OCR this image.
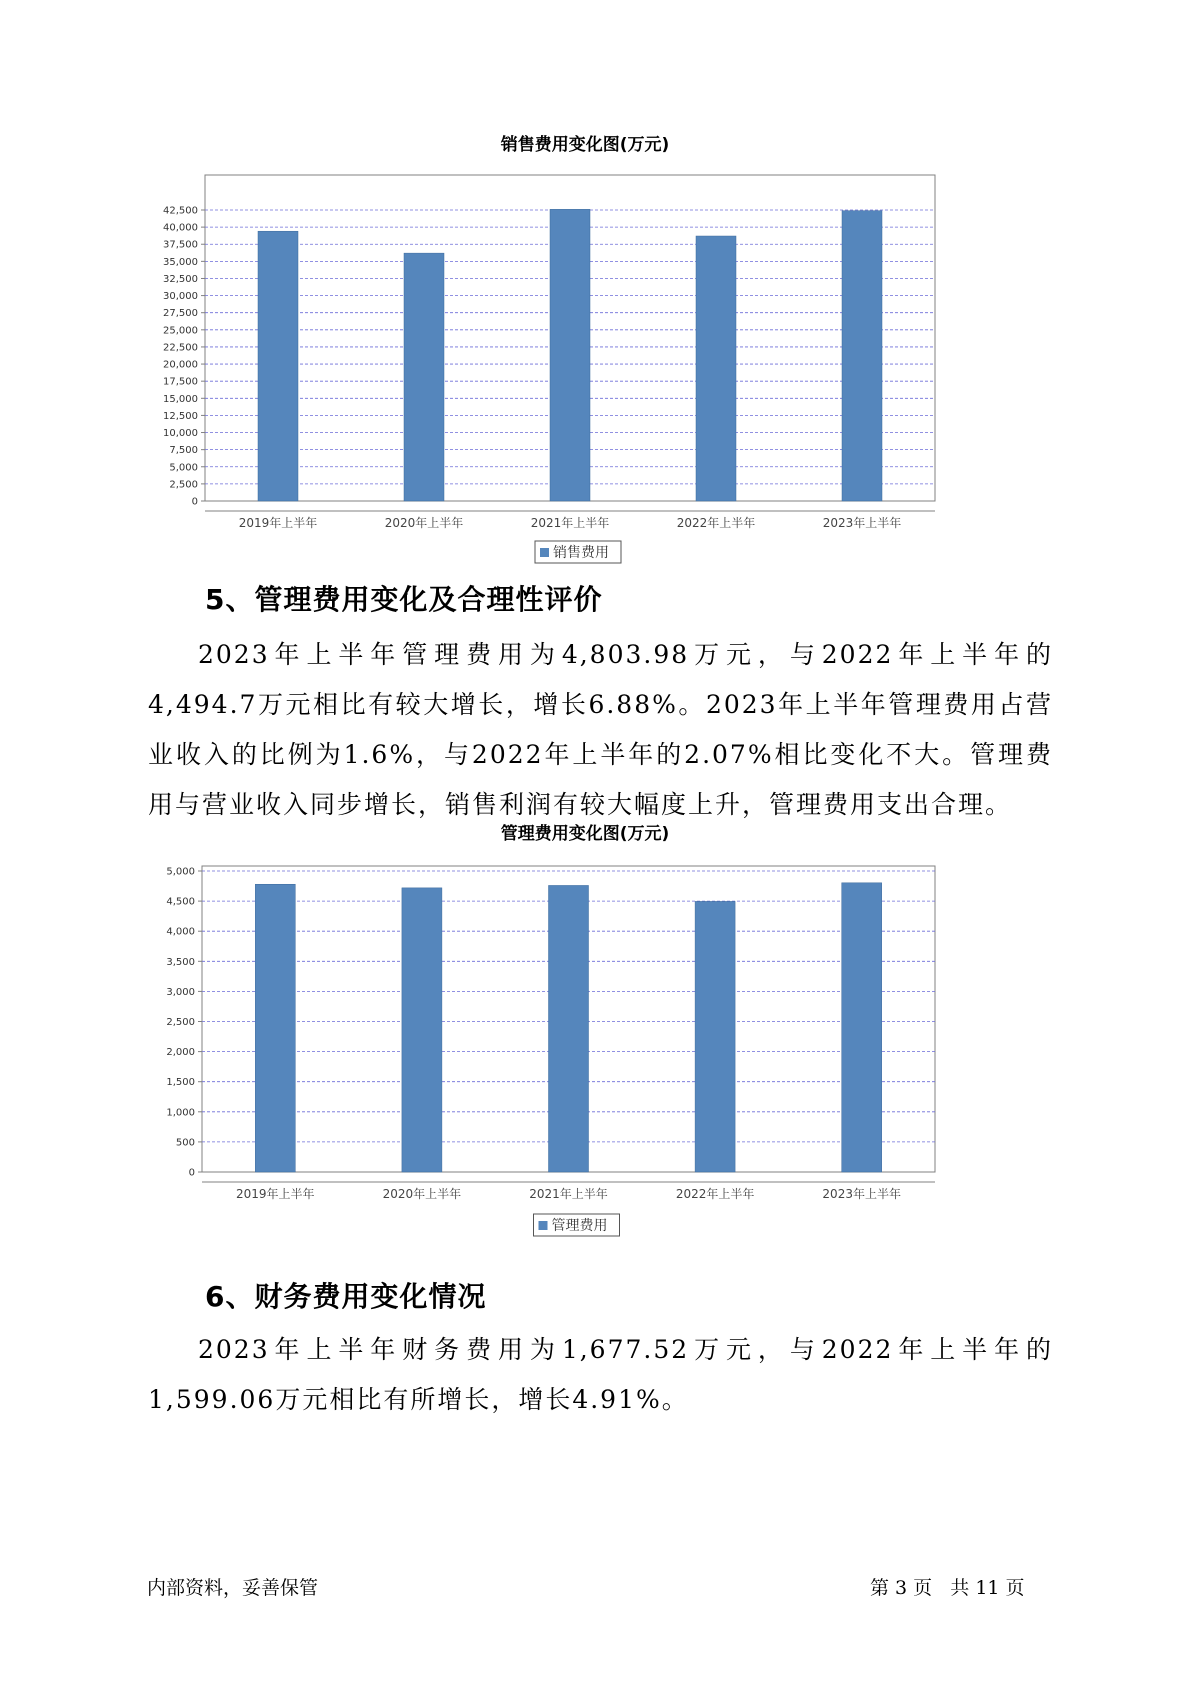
销售费用变化图(万元)
0
2,500
5,000
7,500
10,000
12,500
15,000
17,500
20,000
22,500
25,000
27,500
30,000
32,500
35,000
37,500
40,000
42,500
2019年上半年	2020年上半年	2021年上半年	2022年上半年	2023年上半年
销售费用
5、管理费用变化及合理性评价
2023年上半年管理费用为4,803.98万元，与2022年上半年的4,494.7万元相比有较大增长，增长6.88%。2023年上半年管理费用占营业收入的比例为1.6%，与2022年上半年的2.07%相比变化不大。管理费用与营业收入同步增长，销售利润有较大幅度上升，管理费用支出合理。
管理费用变化图(万元)
0
500
1,000
1,500
2,000
2,500
3,000
3,500
4,000
4,500
5,000
2019年上半年	2020年上半年	2021年上半年	2022年上半年	2023年上半年
管理费用
6、财务费用变化情况
2023年上半年财务费用为1,677.52万元，与2022年上半年的1,599.06万元相比有所增长，增长4.91%。
内部资料，妥善保管	第 3 页   共 11 页
